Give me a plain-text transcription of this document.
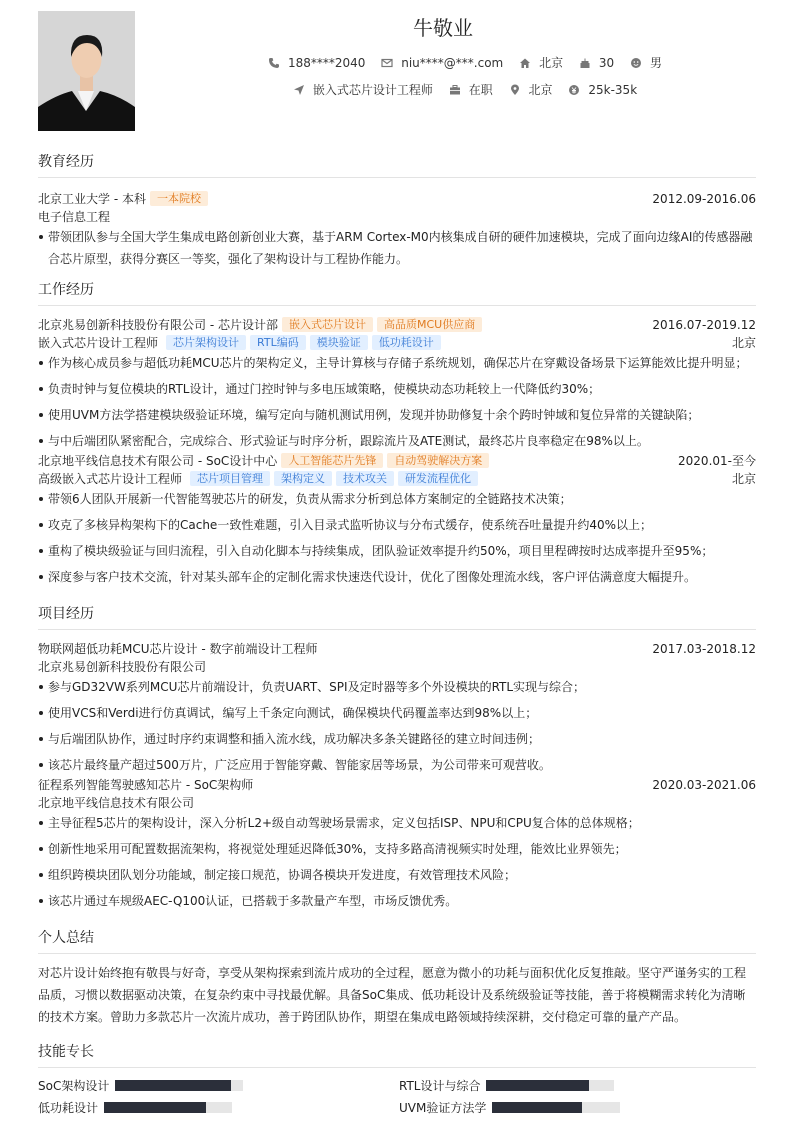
牛敬业
188****2040
	niu****@***.com
	北京
	30
	男
嵌入式芯片设计工程师
	在职
	北京
	25k-35k
教育经历
北京工业大学 - 本科 一本院校	2012.09-2016.06
电子信息工程
带领团队参与全国大学生集成电路创新创业大赛，基于ARM Cortex-M0内核集成自研的硬件加速模块，完成了面向边缘AI的传感器融合芯片原型，获得分赛区一等奖，强化了架构设计与工程协作能力。
工作经历
北京兆易创新科技股份有限公司 - 芯片设计部 嵌入式芯片设计 高品质MCU供应商	2016.07-2019.12
嵌入式芯片设计工程师 芯片架构设计 RTL编码 模块验证 低功耗设计	北京
作为核心成员参与超低功耗MCU芯片的架构定义，主导计算核与存储子系统规划，确保芯片在穿戴设备场景下运算能效比提升明显；
负责时钟与复位模块的RTL设计，通过门控时钟与多电压域策略，使模块动态功耗较上一代降低约30%；
使用UVM方法学搭建模块级验证环境，编写定向与随机测试用例，发现并协助修复十余个跨时钟域和复位异常的关键缺陷；
与中后端团队紧密配合，完成综合、形式验证与时序分析，跟踪流片及ATE测试，最终芯片良率稳定在98%以上。
北京地平线信息技术有限公司 - SoC设计中心 人工智能芯片先锋 自动驾驶解决方案	2020.01-至今
高级嵌入式芯片设计工程师 芯片项目管理 架构定义 技术攻关 研发流程优化	北京
带领6人团队开展新一代智能驾驶芯片的研发，负责从需求分析到总体方案制定的全链路技术决策；
攻克了多核异构架构下的Cache一致性难题，引入目录式监听协议与分布式缓存，使系统吞吐量提升约40%以上；
重构了模块级验证与回归流程，引入自动化脚本与持续集成，团队验证效率提升约50%，项目里程碑按时达成率提升至95%；
深度参与客户技术交流，针对某头部车企的定制化需求快速迭代设计，优化了图像处理流水线，客户评估满意度大幅提升。
项目经历
物联网超低功耗MCU芯片设计 - 数字前端设计工程师	2017.03-2018.12
北京兆易创新科技股份有限公司
参与GD32VW系列MCU芯片前端设计，负责UART、SPI及定时器等多个外设模块的RTL实现与综合；
使用VCS和Verdi进行仿真调试，编写上千条定向测试，确保模块代码覆盖率达到98%以上；
与后端团队协作，通过时序约束调整和插入流水线，成功解决多条关键路径的建立时间违例；
该芯片最终量产超过500万片，广泛应用于智能穿戴、智能家居等场景，为公司带来可观营收。
征程系列智能驾驶感知芯片 - SoC架构师	2020.03-2021.06
北京地平线信息技术有限公司
主导征程5芯片的架构设计，深入分析L2+级自动驾驶场景需求，定义包括ISP、NPU和CPU复合体的总体规格；
创新性地采用可配置数据流架构，将视觉处理延迟降低30%，支持多路高清视频实时处理，能效比业界领先；
组织跨模块团队划分功能域，制定接口规范，协调各模块开发进度，有效管理技术风险；
该芯片通过车规级AEC-Q100认证，已搭载于多款量产车型，市场反馈优秀。
个人总结
对芯片设计始终抱有敬畏与好奇，享受从架构探索到流片成功的全过程，愿意为微小的功耗与面积优化反复推敲。坚守严谨务实的工程品质，习惯以数据驱动决策，在复杂约束中寻找最优解。具备SoC集成、低功耗设计及系统级验证等技能，善于将模糊需求转化为清晰的技术方案。曾助力多款芯片一次流片成功，善于跨团队协作，期望在集成电路领域持续深耕，交付稳定可靠的量产产品。
技能专长
SoC架构设计	RTL设计与综合
低功耗设计	UVM验证方法学
